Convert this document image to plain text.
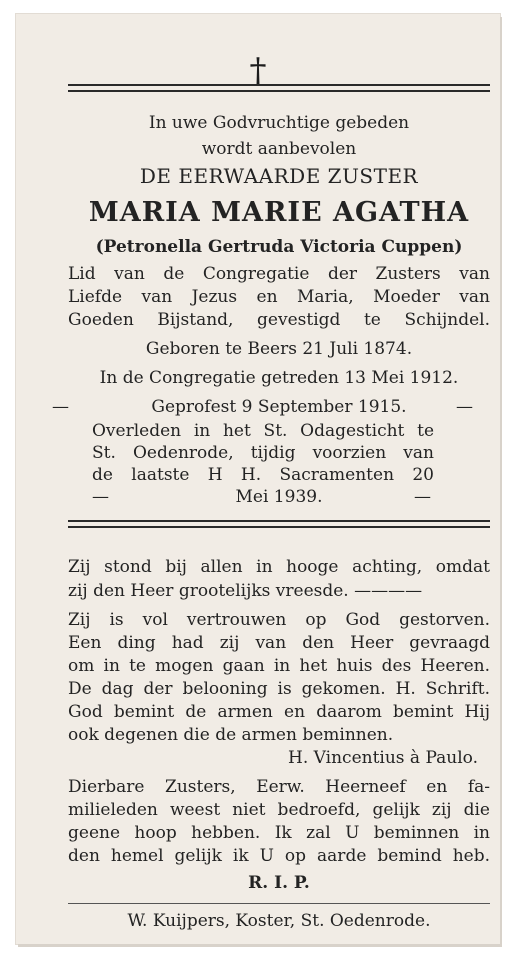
†
In uwe Godvruchtige gebeden
wordt aanbevolen
DE EERWAARDE ZUSTER
MARIA MARIE AGATHA
(Petronella Gertruda Victoria Cuppen)
Lid van de Congregatie der Zusters van
Liefde van Jezus en Maria, Moeder van
Goeden Bijstand, gevestigd te Schijndel.
Geboren te Beers 21 Juli 1874.
In de Congregatie getreden 13 Mei 1912.
—	Geprofest 9 September 1915.	—
Overleden in het St. Odagesticht te
St. Oedenrode, tijdig voorzien van
de laatste H H. Sacramenten 20
—	Mei 1939.	—
Zij stond bij allen in hooge achting, omdat
zij den Heer grootelijks vreesde. ————
Zij is vol vertrouwen op God gestorven.
Een ding had zij van den Heer gevraagd
om in te mogen gaan in het huis des Heeren.
De dag der belooning is gekomen. H. Schrift.
God bemint de armen en daarom bemint Hij
ook degenen die de armen beminnen.
H. Vincentius à Paulo.
Dierbare Zusters, Eerw. Heerneef en fa-
milieleden weest niet bedroefd, gelijk zij die
geene hoop hebben. Ik zal U beminnen in
den hemel gelijk ik U op aarde bemind heb.
R. I. P.
W. Kuijpers, Koster, St. Oedenrode.
